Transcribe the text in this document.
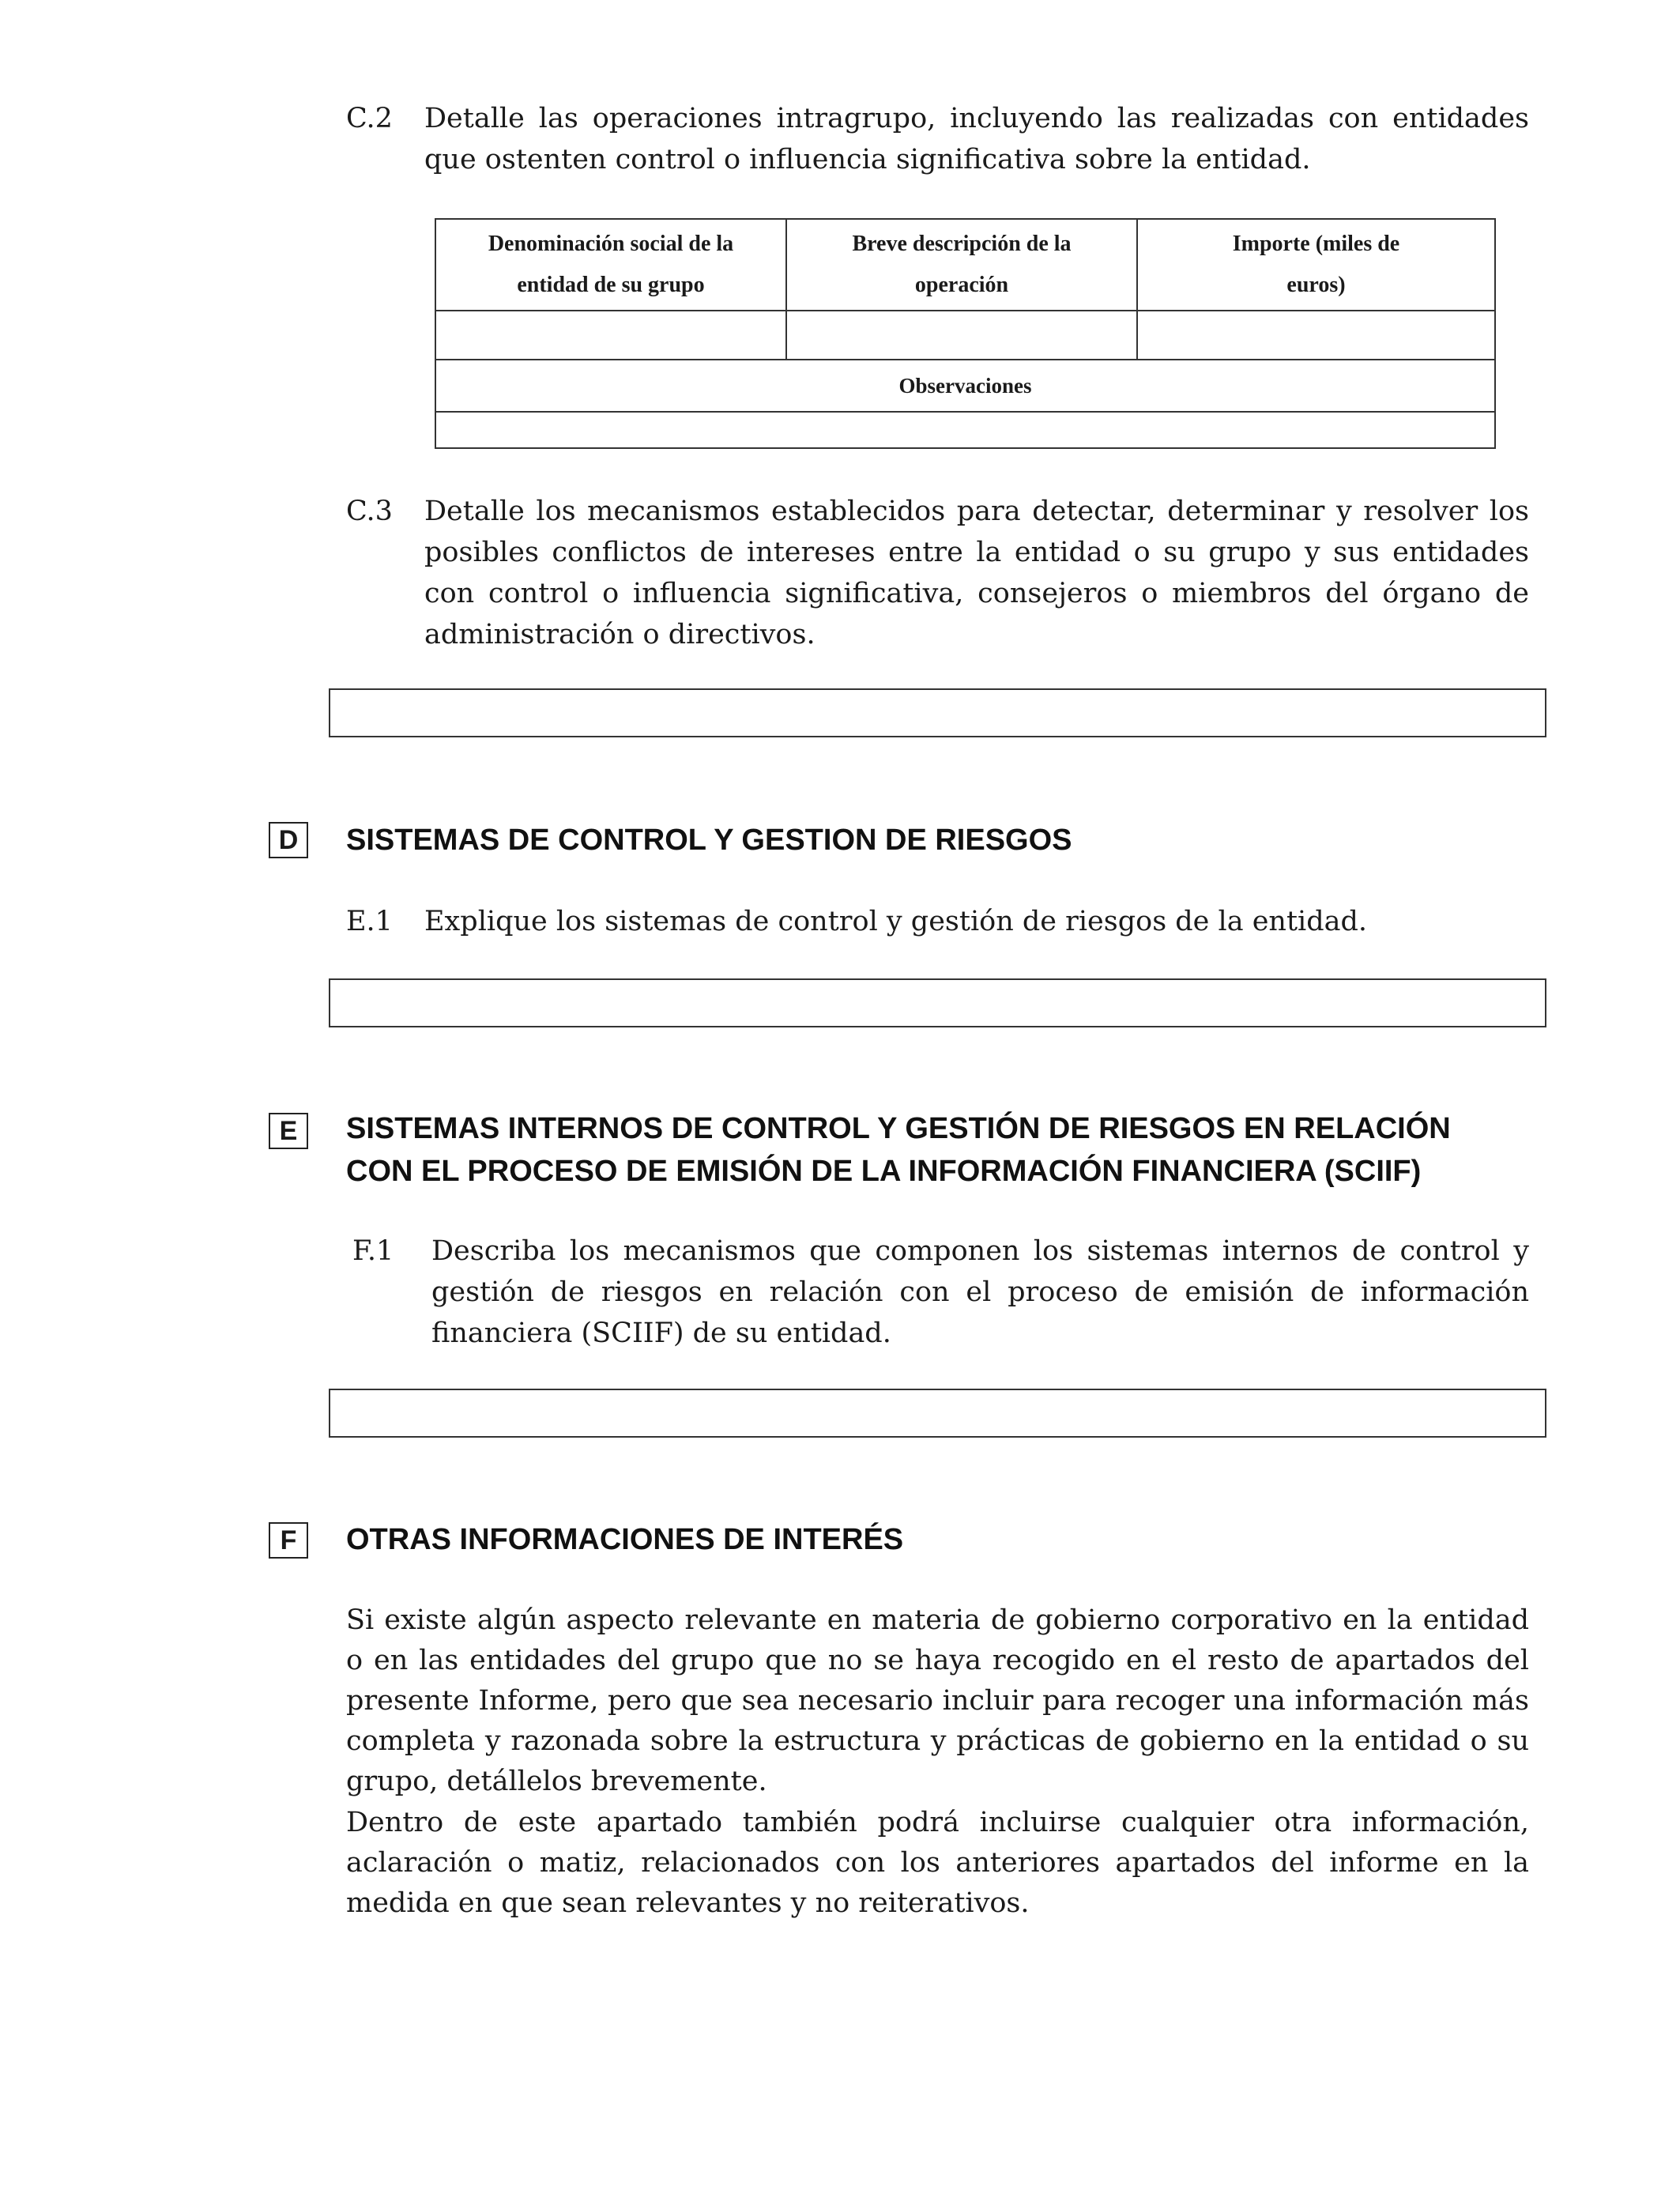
C.2 Detalle las operaciones intragrupo, incluyendo las realizadas con entidades que ostenten control o influencia significativa sobre la entidad.
Denominación social de la entidad de su grupo	Breve descripción de la operación	Importe (miles de euros)

Observaciones		

C.3 Detalle los mecanismos establecidos para detectar, determinar y resolver los posibles conflictos de intereses entre la entidad o su grupo y sus entidades con control o influencia significativa, consejeros o miembros del órgano de administración o directivos.
D	SISTEMAS DE CONTROL Y GESTION DE RIESGOS
E.1 Explique los sistemas de control y gestión de riesgos de la entidad.
E	SISTEMAS INTERNOS DE CONTROL Y GESTIÓN DE RIESGOS EN RELACIÓN
CON EL PROCESO DE EMISIÓN DE LA INFORMACIÓN FINANCIERA (SCIIF)
F.1 Describa los mecanismos que componen los sistemas internos de control y gestión de riesgos en relación con el proceso de emisión de información financiera (SCIIF) de su entidad.
F	OTRAS INFORMACIONES DE INTERÉS
Si existe algún aspecto relevante en materia de gobierno corporativo en la entidad o en las entidades del grupo que no se haya recogido en el resto de apartados del presente Informe, pero que sea necesario incluir para recoger una información más completa y razonada sobre la estructura y prácticas de gobierno en la entidad o su grupo, detállelos brevemente.
Dentro de este apartado también podrá incluirse cualquier otra información, aclaración o matiz, relacionados con los anteriores apartados del informe en la medida en que sean relevantes y no reiterativos.
